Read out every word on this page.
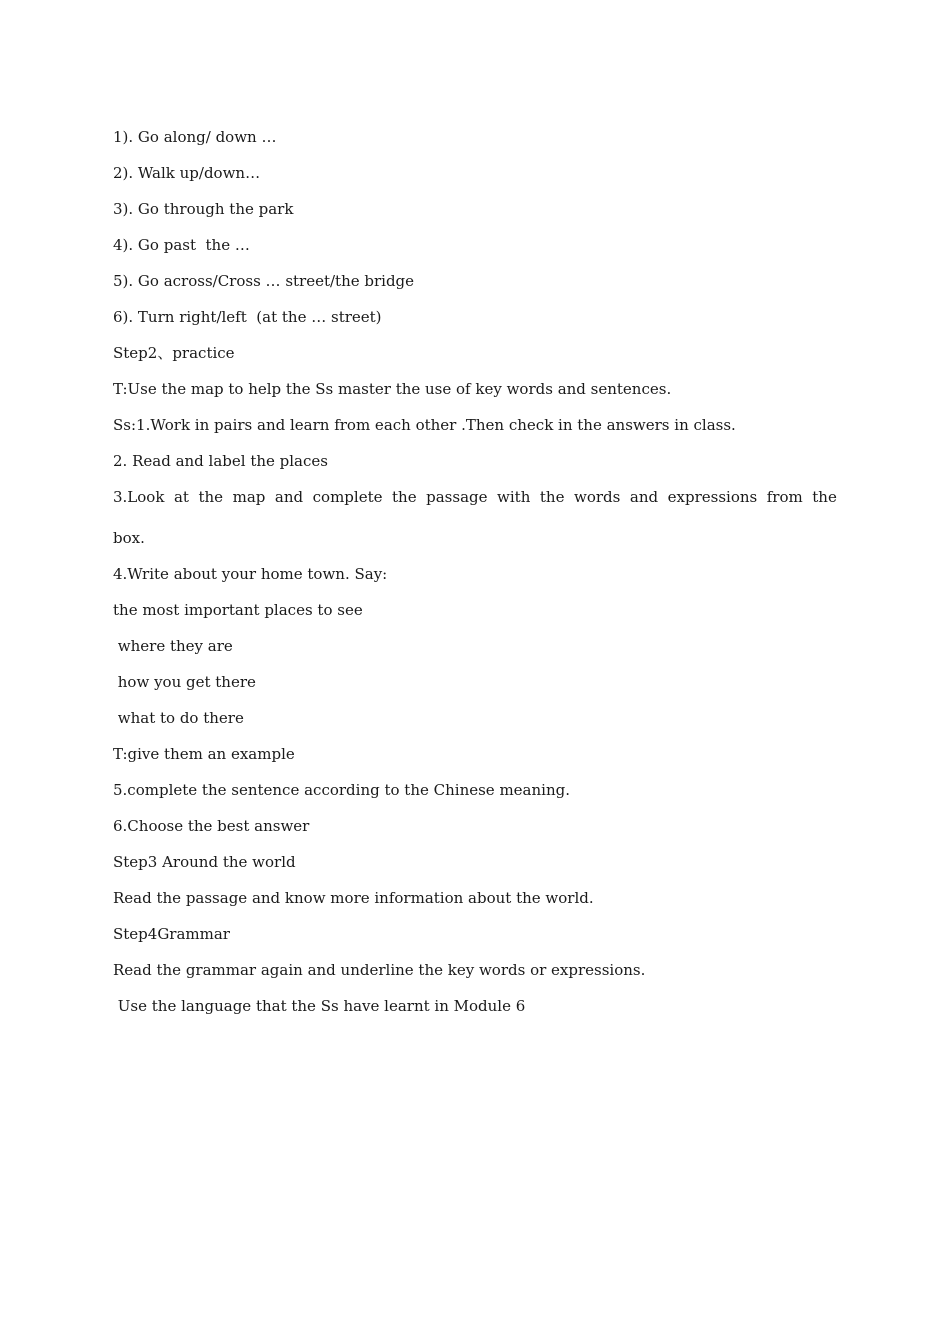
1). Go along/ down …
2). Walk up/down…
3). Go through the park
4). Go past  the …
5). Go across/Cross … street/the bridge
6). Turn right/left  (at the … street)
Step2、practice
T:Use the map to help the Ss master the use of key words and sentences.
Ss:1.Work in pairs and learn from each other .Then check in the answers in class.
2. Read and label the places
3.Look at the map and complete the passage with the words and expressions from the
box.
4.Write about your home town. Say:
the most important places to see
where they are
how you get there
what to do there
T:give them an example
5.complete the sentence according to the Chinese meaning.
6.Choose the best answer
Step3 Around the world
Read the passage and know more information about the world.
Step4Grammar
Read the grammar again and underline the key words or expressions.
Use the language that the Ss have learnt in Module 6
